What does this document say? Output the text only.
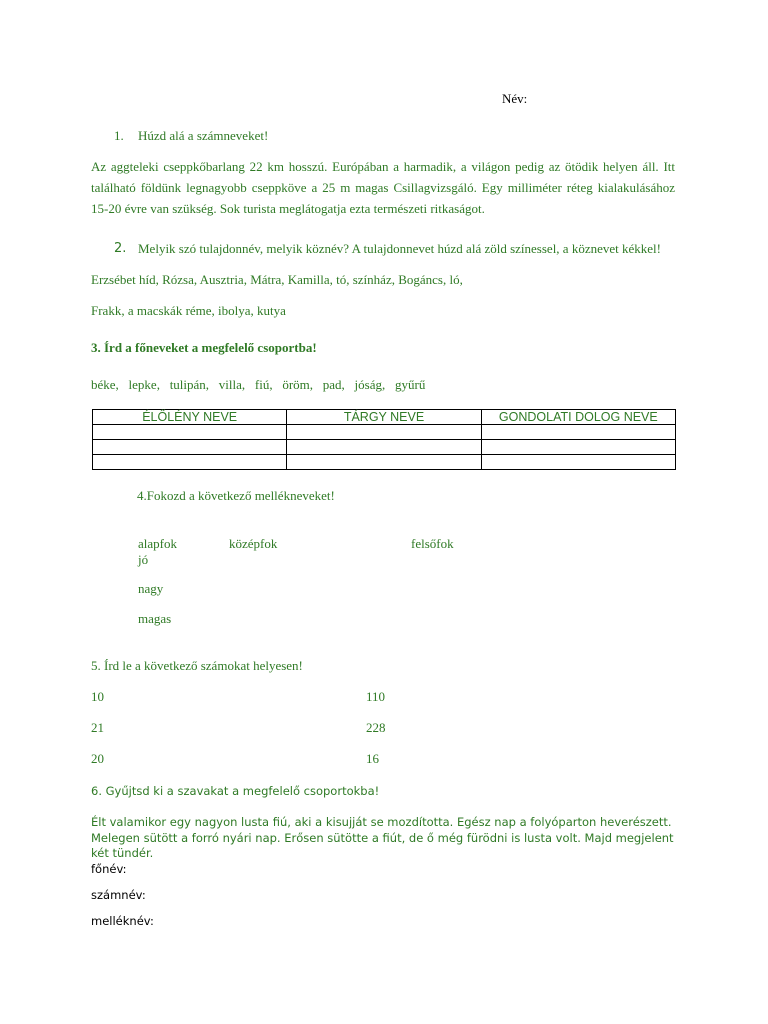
Név:
1. Húzd alá a számneveket!
Az aggteleki cseppkőbarlang 22 km hosszú. Európában a harmadik, a világon pedig az ötödik helyen áll. Itt található földünk legnagyobb cseppköve a 25 m magas Csillagvizsgáló. Egy milliméter réteg kialakulásához 15-20 évre van szükség. Sok turista meglátogatja ezta természeti ritkaságot.
2. Melyik szó tulajdonnév, melyik köznév? A tulajdonnevet húzd alá zöld színessel, a köznevet kékkel!
Erzsébet híd, Rózsa, Ausztria, Mátra, Kamilla, tó, színház, Bogáncs, ló,
Frakk, a macskák réme, ibolya, kutya
3. Írd a főneveket a megfelelő csoportba!
béke,   lepke,   tulipán,   villa,   fiú,   öröm,   pad,   jóság,   gyűrű
ÉLŐLÉNY NEVE	TÁRGY NEVE	GONDOLATI DOLOG NEVE

4.Fokozd a következő mellékneveket!
alapfok	középfok	felsőfok
jó
nagy
magas
5. Írd le a következő számokat helyesen!
10	110
21	228
20	16
6. Gyűjtsd ki a szavakat a megfelelő csoportokba!
Élt valamikor egy nagyon lusta fiú, aki a kisujját se mozdította. Egész nap a folyóparton heverészett. Melegen sütött a forró nyári nap. Erősen sütötte a fiút, de ő még fürödni is lusta volt. Majd megjelent két tündér.
főnév:
számnév:
melléknév:
